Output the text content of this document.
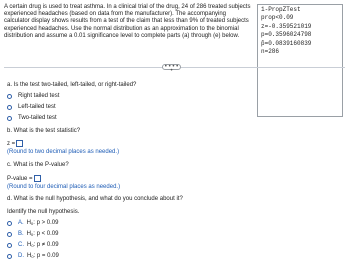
A certain drug is used to treat asthma. In a clinical trial of the drug, 24 of 286 treated subjects experienced headaches (based on data from the manufacturer). The accompanying calculator display shows results from a test of the claim that less than 9% of treated subjects experienced headaches. Use the normal distribution as an approximation to the binomial distribution and assume a 0.01 significance level to complete parts (a) through (e) below.
1-PropZTest
prop<0.09
z=-0.359521019
p=0.3596024798
p̂=0.0839160839
n=286
• • • • •
a. Is the test two-tailed, left-tailed, or right-tailed?
Right tailed test
Left-tailed test
Two-tailed test
b. What is the test statistic?
z =
(Round to two decimal places as needed.)
c. What is the P-value?
P-value =
(Round to four decimal places as needed.)
d. What is the null hypothesis, and what do you conclude about it?
Identify the null hypothesis.
A. H 0 :
p > 0.09
B. H 0 :
p < 0.09
C. H 0 :
p ≠ 0.09
D. H 0 :
p = 0.09
